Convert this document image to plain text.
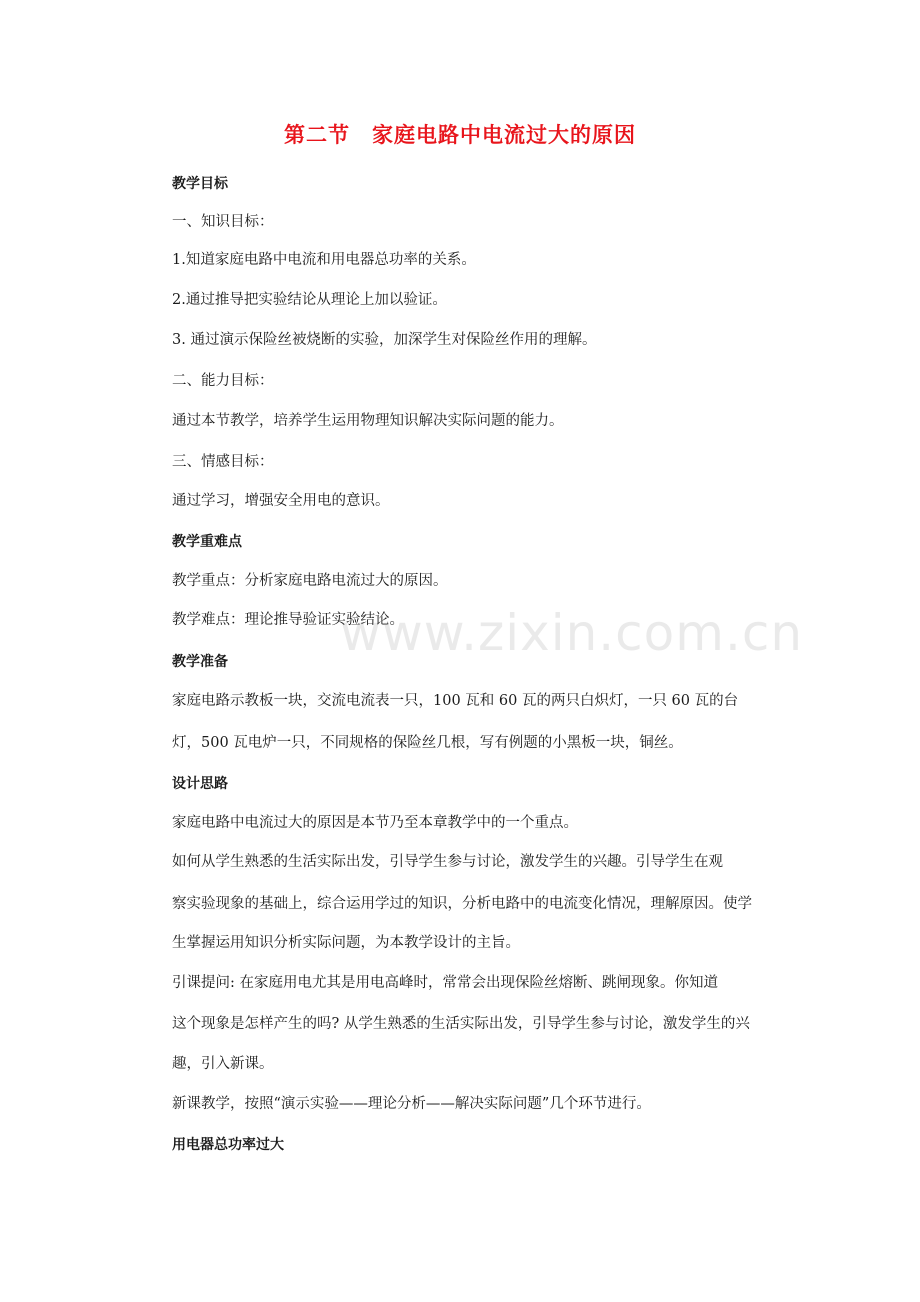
第二节　家庭电路中电流过大的原因
教学目标
一、知识目标：
1.知道家庭电路中电流和用电器总功率的关系。
2.通过推导把实验结论从理论上加以验证。
3. 通过演示保险丝被烧断的实验，加深学生对保险丝作用的理解。
二、能力目标：
通过本节教学，培养学生运用物理知识解决实际问题的能力。
三、情感目标：
通过学习，增强安全用电的意识。
教学重难点
教学重点：分析家庭电路电流过大的原因。
教学难点：理论推导验证实验结论。
教学准备
家庭电路示教板一块，交流电流表一只，100 瓦和 60 瓦的两只白炽灯，一只 60 瓦的台
灯，500 瓦电炉一只，不同规格的保险丝几根，写有例题的小黑板一块，铜丝。
设计思路
家庭电路中电流过大的原因是本节乃至本章教学中的一个重点。
如何从学生熟悉的生活实际出发，引导学生参与讨论，激发学生的兴趣。引导学生在观
察实验现象的基础上，综合运用学过的知识，分析电路中的电流变化情况，理解原因。使学
生掌握运用知识分析实际问题，为本教学设计的主旨。
引课提问: 在家庭用电尤其是用电高峰时，常常会出现保险丝熔断、跳闸现象。你知道
这个现象是怎样产生的吗? 从学生熟悉的生活实际出发，引导学生参与讨论，激发学生的兴
趣，引入新课。
新课教学，按照“演示实验——理论分析——解决实际问题”几个环节进行。
用电器总功率过大
www.zixin.com.cn
